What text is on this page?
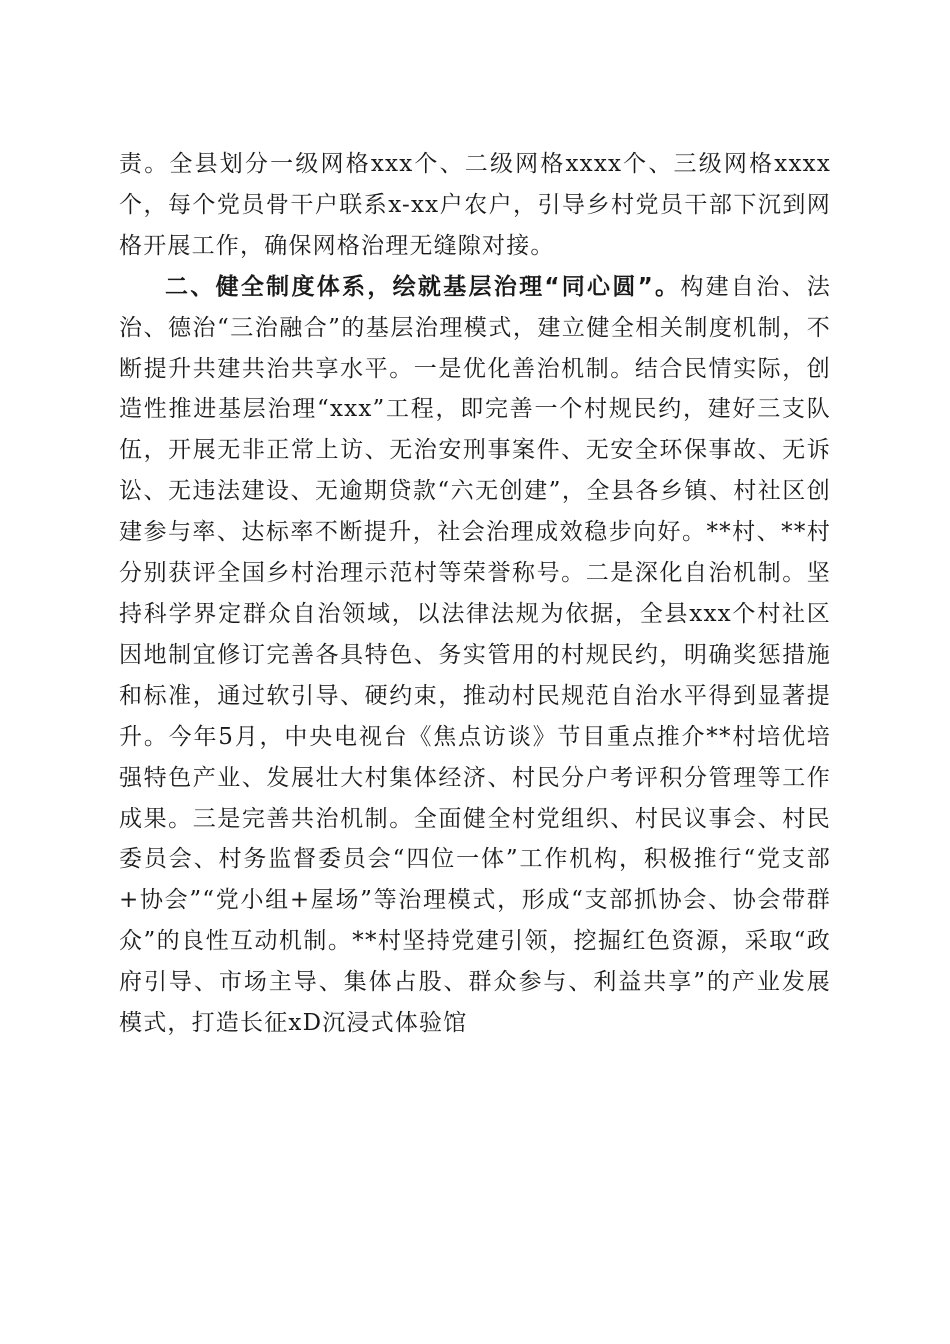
责。全县划分一级网格xxx个、二级网格xxxx个、三级网格xxxx个，每个党员骨干户联系x-xx户农户，引导乡村党员干部下沉到网格开展工作，确保网格治理无缝隙对接。

二、健全制度体系，绘就基层治理“同心圆”。构建自治、法治、德治“三治融合”的基层治理模式，建立健全相关制度机制，不断提升共建共治共享水平。一是优化善治机制。结合民情实际，创造性推进基层治理“xxx”工程，即完善一个村规民约，建好三支队伍，开展无非正常上访、无治安刑事案件、无安全环保事故、无诉讼、无违法建设、无逾期贷款“六无创建”，全县各乡镇、村社区创建参与率、达标率不断提升，社会治理成效稳步向好。**村、**村分别获评全国乡村治理示范村等荣誉称号。二是深化自治机制。坚持科学界定群众自治领域，以法律法规为依据，全县xxx个村社区因地制宜修订完善各具特色、务实管用的村规民约，明确奖惩措施和标准，通过软引导、硬约束，推动村民规范自治水平得到显著提升。今年5月，中央电视台《焦点访谈》节目重点推介**村培优培强特色产业、发展壮大村集体经济、村民分户考评积分管理等工作成果。三是完善共治机制。全面健全村党组织、村民议事会、村民委员会、村务监督委员会“四位一体”工作机构，积极推行“党支部+协会”“党小组+屋场”等治理模式，形成“支部抓协会、协会带群众”的良性互动机制。**村坚持党建引领，挖掘红色资源，采取“政府引导、市场主导、集体占股、群众参与、利益共享”的产业发展模式，打造长征xD沉浸式体验馆
